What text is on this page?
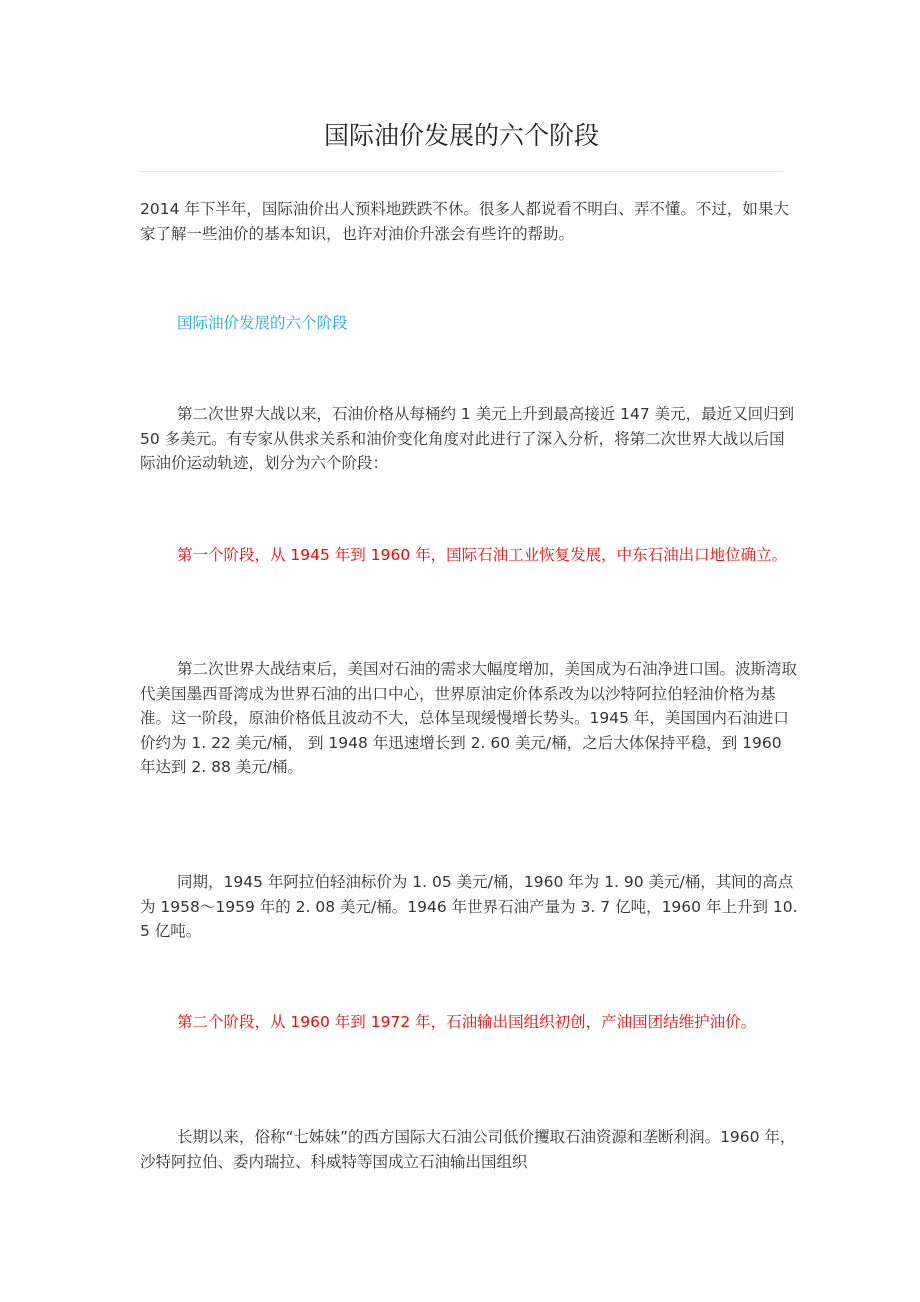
国际油价发展的六个阶段

2014 年下半年，国际油价出人预料地跌跌不休。很多人都说看不明白、弄不懂。不过，如果大家了解一些油价的基本知识，也许对油价升涨会有些许的帮助。

国际油价发展的六个阶段

第二次世界大战以来，石油价格从每桶约 1 美元上升到最高接近 147 美元，最近又回归到 50 多美元。有专家从供求关系和油价变化角度对此进行了深入分析，将第二次世界大战以后国际油价运动轨迹，划分为六个阶段：

第一个阶段，从 1945 年到 1960 年，国际石油工业恢复发展，中东石油出口地位确立。

第二次世界大战结束后，美国对石油的需求大幅度增加，美国成为石油净进口国。波斯湾取代美国墨西哥湾成为世界石油的出口中心，世界原油定价体系改为以沙特阿拉伯轻油价格为基准。这一阶段，原油价格低且波动不大，总体呈现缓慢增长势头。1945 年，美国国内石油进口价约为 1. 22 美元/桶， 到 1948 年迅速增长到 2. 60 美元/桶，之后大体保持平稳，到 1960 年达到 2. 88 美元/桶。

同期，1945 年阿拉伯轻油标价为 1. 05 美元/桶，1960 年为 1. 90 美元/桶，其间的高点为 1958～1959 年的 2. 08 美元/桶。1946 年世界石油产量为 3. 7 亿吨，1960 年上升到 10. 5 亿吨。

第二个阶段，从 1960 年到 1972 年，石油输出国组织初创，产油国团结维护油价。

长期以来，俗称“七姊妹”的西方国际大石油公司低价攫取石油资源和垄断利润。1960 年，沙特阿拉伯、委内瑞拉、科威特等国成立石油输出国组织
